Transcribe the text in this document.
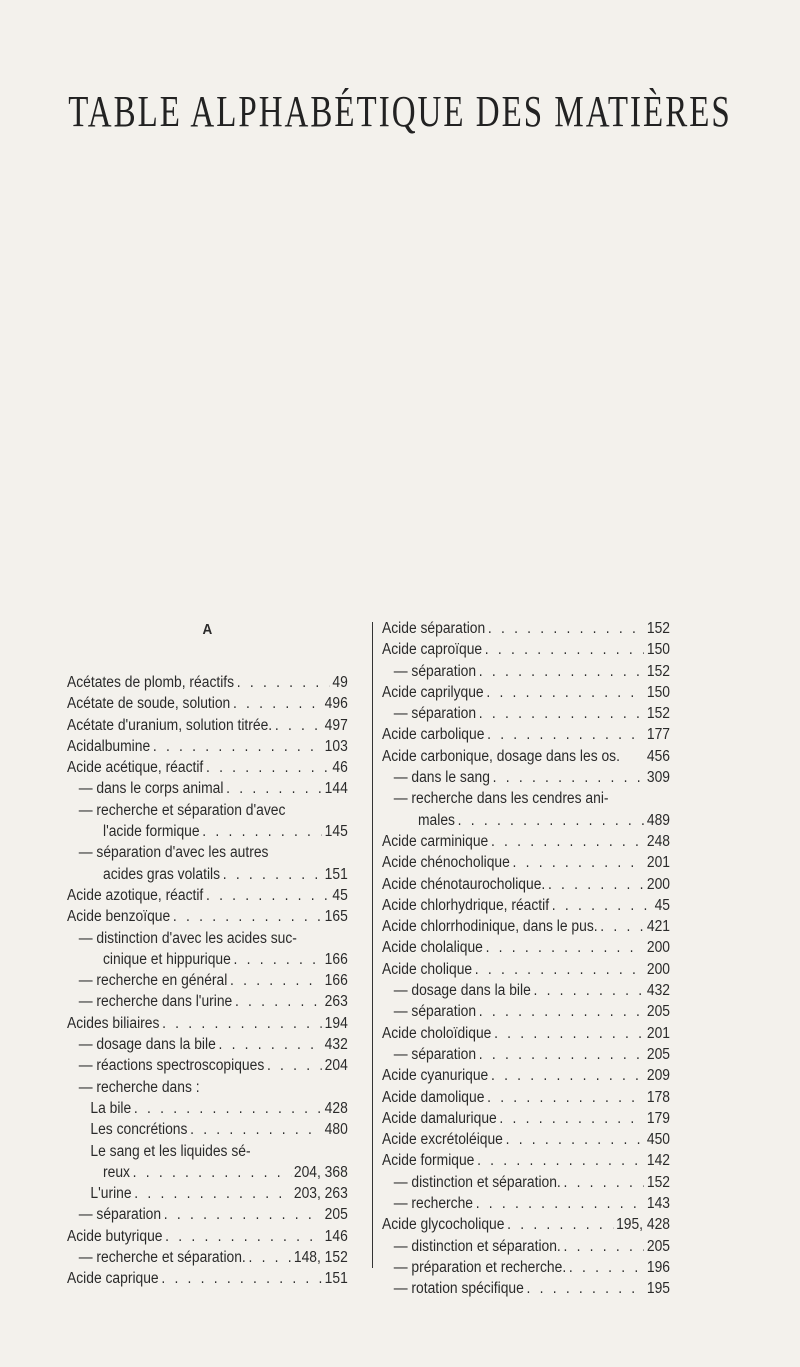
TABLE ALPHABÉTIQUE DES MATIÈRES
A
Acétates de plomb, réactifs . . .	49
Acétate de soude, solution . . .	496
Acétate d'uranium, solution titrée. . . .	497
Acidalbumine . . .	103
Acide acétique, réactif . . .	46
— dans le corps animal . . .	144
— recherche et séparation d'avec
l'acide formique . . .	145
— séparation d'avec les autres
acides gras volatils . . .	151
Acide azotique, réactif . . .	45
Acide benzoïque . . .	165
— distinction d'avec les acides suc-
cinique et hippurique . . .	166
— recherche en général . . .	166
— recherche dans l'urine . . .	263
Acides biliaires . . .	194
— dosage dans la bile . . .	432
— réactions spectroscopiques . . .	204
— recherche dans :
La bile . . .	428
Les concrétions . . .	480
Le sang et les liquides sé-
reux . . .	204, 368
L'urine . . .	203, 263
— séparation . . .	205
Acide butyrique . . .	146
— recherche et séparation. . . .	148, 152
Acide caprique . . .	151
Acide séparation . . .	152
Acide caproïque . . .	150
— séparation . . .	152
Acide caprilyque . . .	150
— séparation . . .	152
Acide carbolique . . .	177
Acide carbonique, dosage dans les os. 456
— dans le sang . . .	309
— recherche dans les cendres ani-
males . . .	489
Acide carminique . . .	248
Acide chénocholique . . .	201
Acide chénotaurocholique. . . .	200
Acide chlorhydrique, réactif . . .	45
Acide chlorrhodinique, dans le pus. . . .	421
Acide cholalique . . .	200
Acide cholique . . .	200
— dosage dans la bile . . .	432
— séparation . . .	205
Acide choloïdique . . .	201
— séparation . . .	205
Acide cyanurique . . .	209
Acide damolique . . .	178
Acide damalurique . . .	179
Acide excrétoléique . . .	450
Acide formique . . .	142
— distinction et séparation. . . .	152
— recherche . . .	143
Acide glycocholique . . .	195, 428
— distinction et séparation. . . .	205
— préparation et recherche. . . .	196
— rotation spécifique . . .	195
